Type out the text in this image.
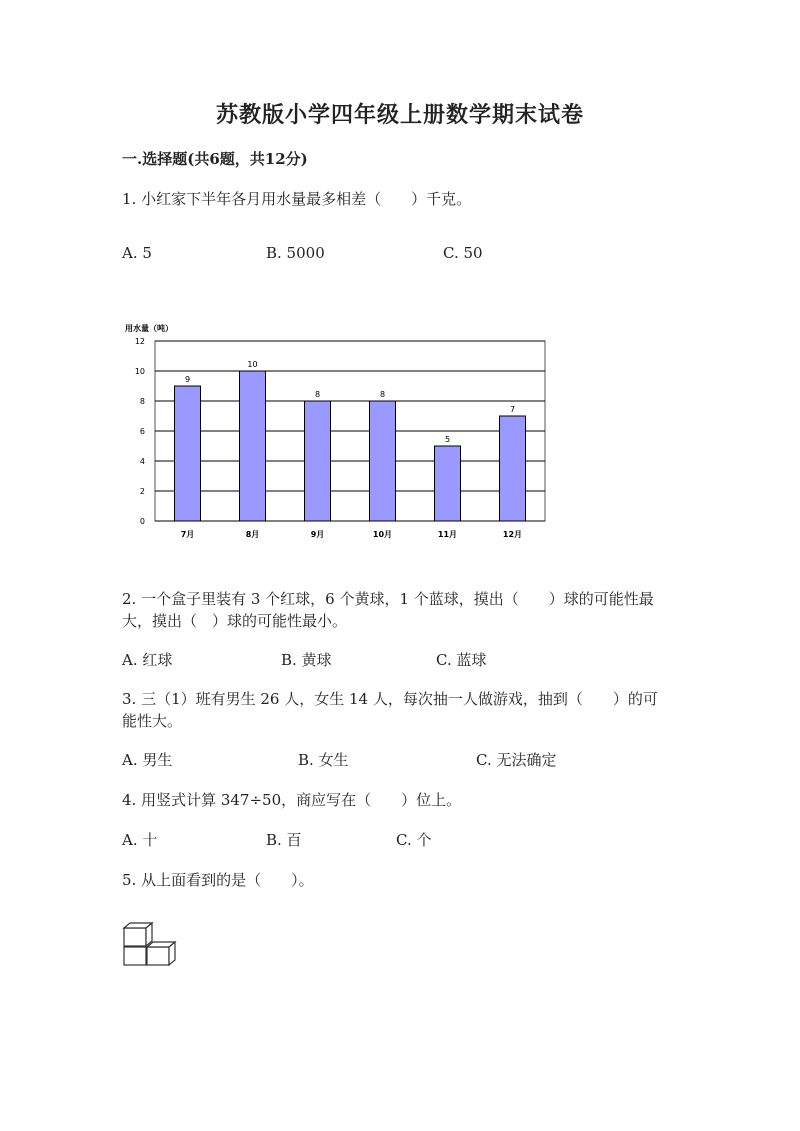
苏教版小学四年级上册数学期末试卷
一.选择题(共6题，共12分)
1. 小红家下半年各月用水量最多相差（　　）千克。
A. 5	B. 5000	C. 50
用水量（吨）
0
2
4
6
8
10
12
7月	8月	9月	10月	11月	12月
9
10
8	8
5
7
2. 一个盒子里装有 3 个红球，6 个黄球，1 个蓝球，摸出（　　）球的可能性最
大，摸出（　）球的可能性最小。
A. 红球	B. 黄球	C. 蓝球
3. 三（1）班有男生 26 人，女生 14 人，每次抽一人做游戏，抽到（　　）的可
能性大。
A. 男生	B. 女生	C. 无法确定
4. 用竖式计算 347÷50，商应写在（　　）位上。
A. 十	B. 百	C. 个
5. 从上面看到的是（　　）。
